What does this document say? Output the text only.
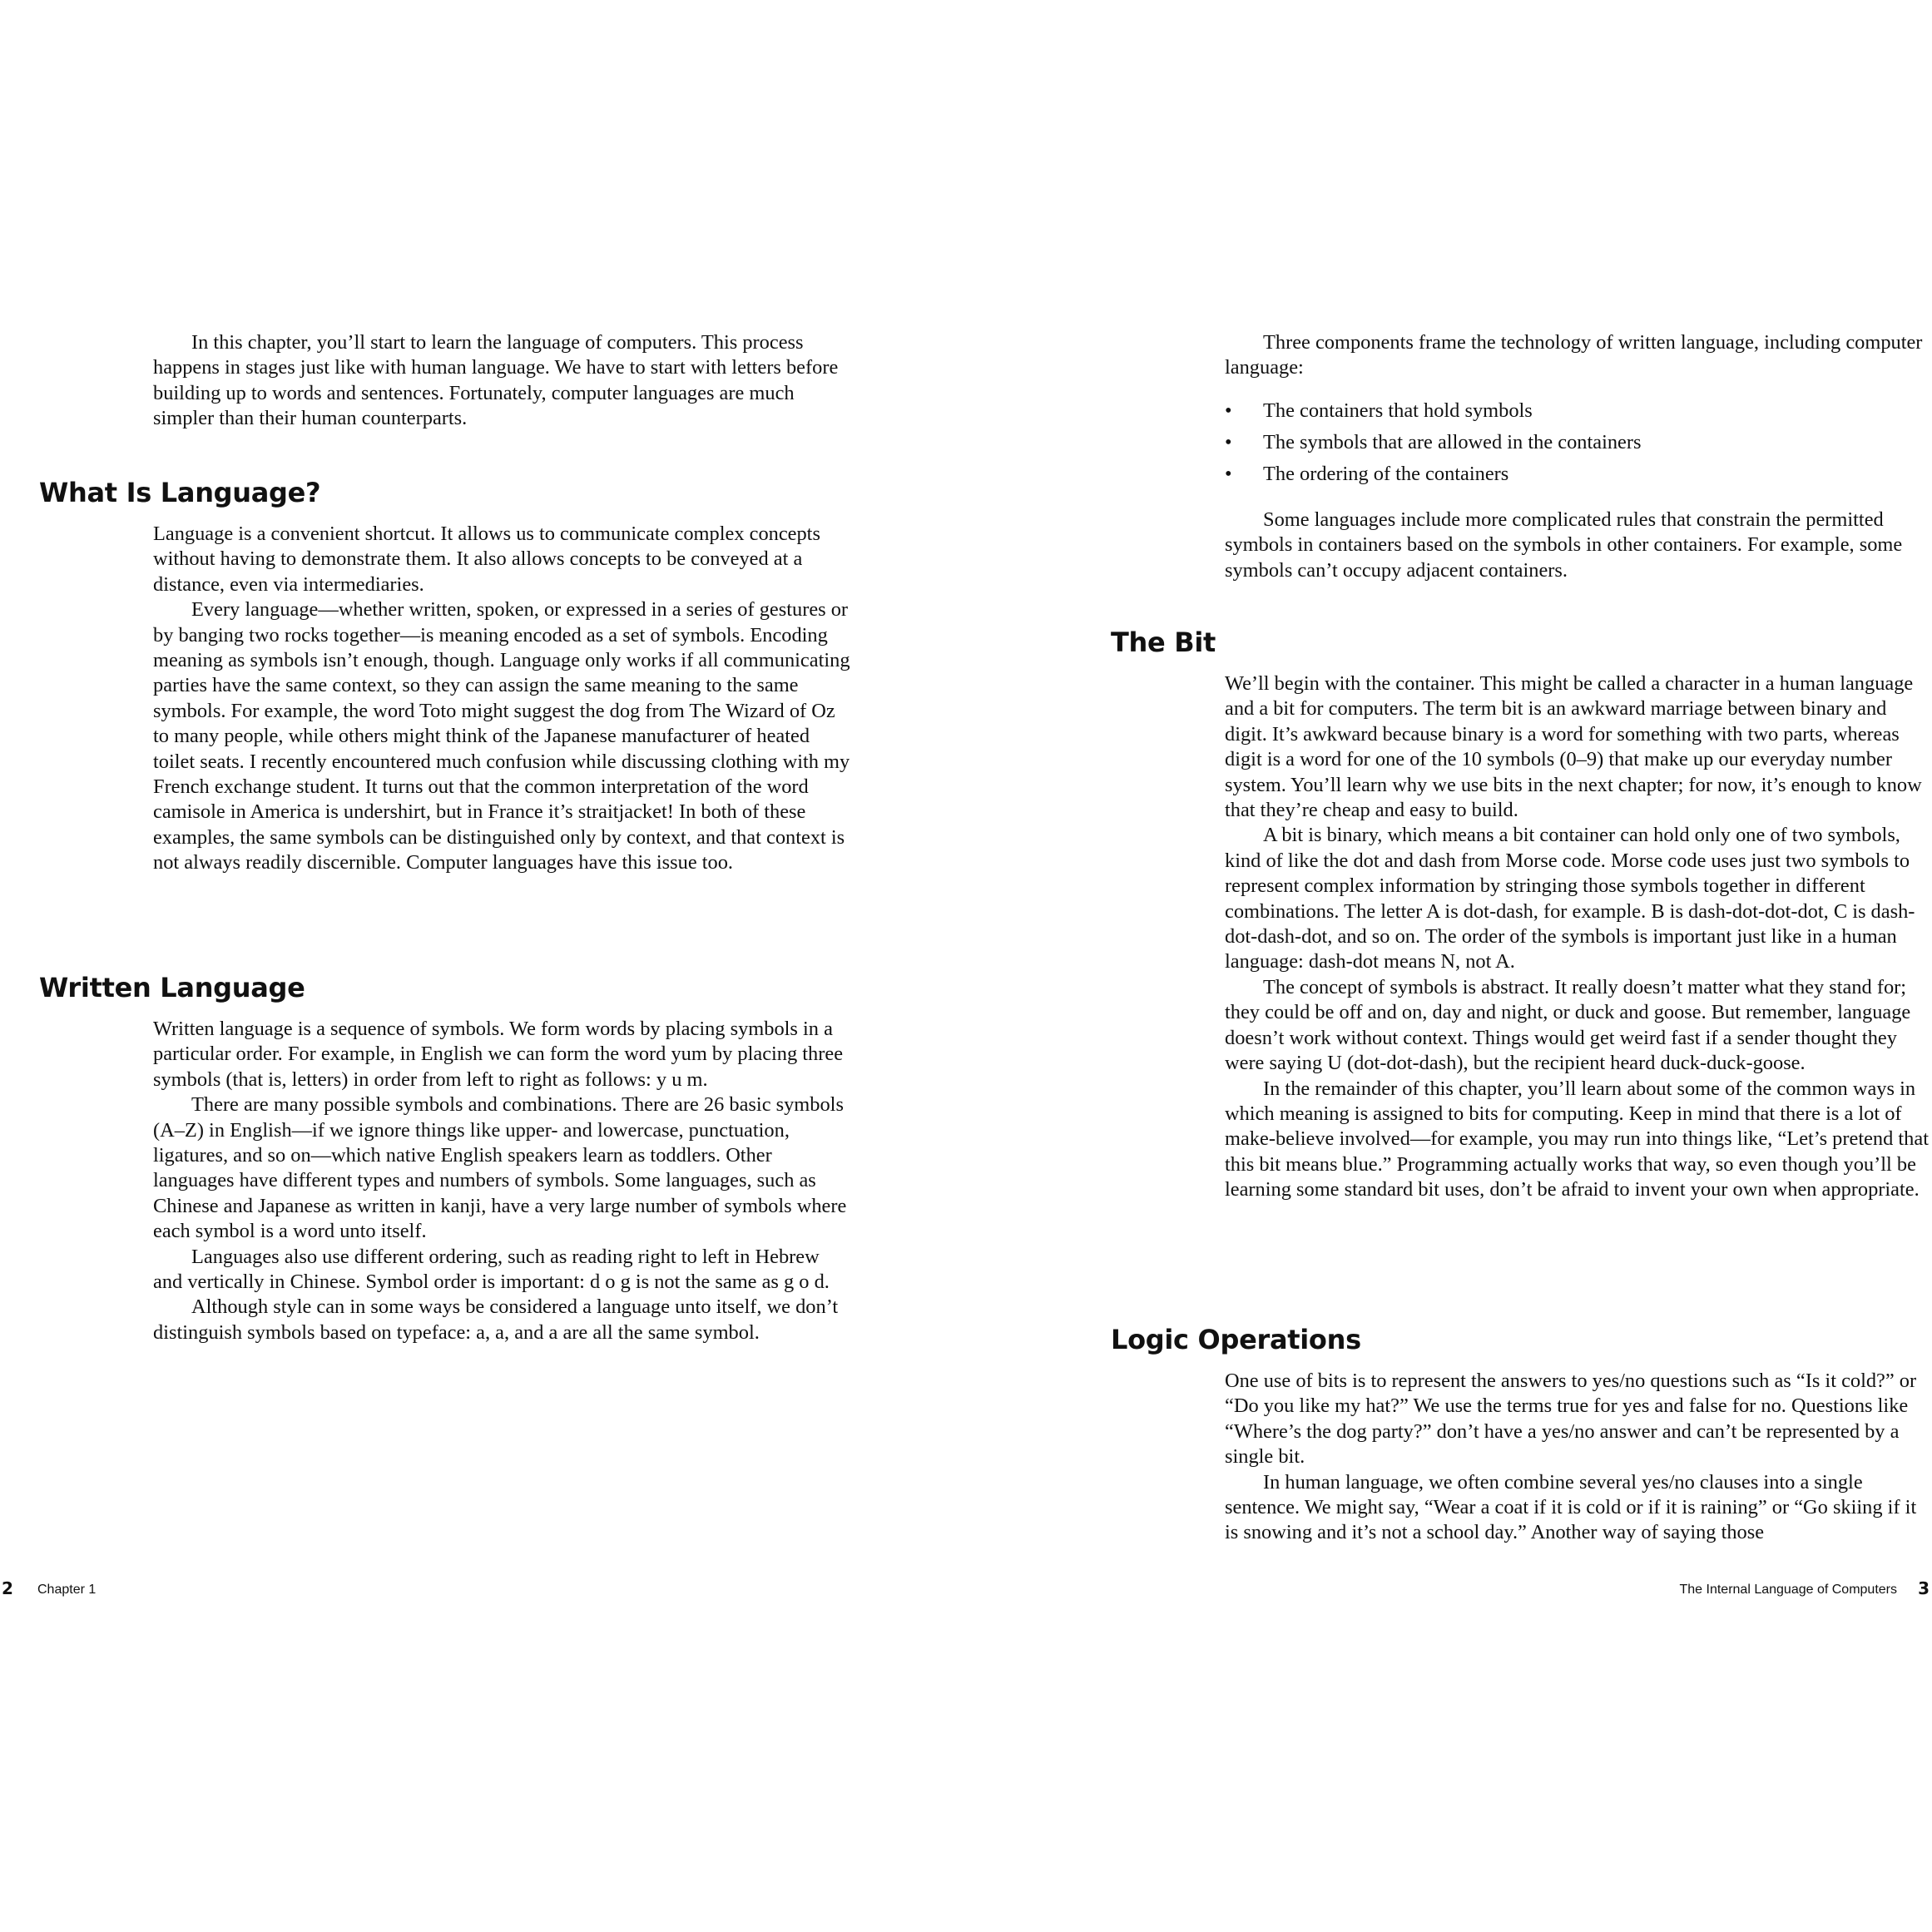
In this chapter, you’ll start to learn the language of computers. This process happens in stages just like with human language. We have to start with letters before building up to words and sentences. Fortunately, computer languages are much simpler than their human counterparts.

What Is Language?

Language is a convenient shortcut. It allows us to communicate complex concepts without having to demonstrate them. It also allows concepts to be conveyed at a distance, even via intermediaries.

Every language—whether written, spoken, or expressed in a series of gestures or by banging two rocks together—is meaning encoded as a set of symbols. Encoding meaning as symbols isn’t enough, though. Language only works if all communicating parties have the same context, so they can assign the same meaning to the same symbols. For example, the word Toto might suggest the dog from The Wizard of Oz to many people, while others might think of the Japanese manufacturer of heated toilet seats. I recently encountered much confusion while discussing clothing with my French exchange student. It turns out that the common interpretation of the word camisole in America is undershirt, but in France it’s straitjacket! In both of these examples, the same symbols can be distinguished only by context, and that context is not always readily discernible. Computer languages have this issue too.

Written Language

Written language is a sequence of symbols. We form words by placing symbols in a particular order. For example, in English we can form the word yum by placing three symbols (that is, letters) in order from left to right as follows: y u m.

There are many possible symbols and combinations. There are 26 basic symbols (A–Z) in English—if we ignore things like upper- and lowercase, punctuation, ligatures, and so on—which native English speakers learn as toddlers. Other languages have different types and numbers of symbols. Some languages, such as Chinese and Japanese as written in kanji, have a very large number of symbols where each symbol is a word unto itself.

Languages also use different ordering, such as reading right to left in Hebrew and vertically in Chinese. Symbol order is important: d o g is not the same as g o d.

Although style can in some ways be considered a language unto itself, we don’t distinguish symbols based on typeface: a, a, and a are all the same symbol.

2 Chapter 1

Three components frame the technology of written language, including computer language:

• The containers that hold symbols
• The symbols that are allowed in the containers
• The ordering of the containers

Some languages include more complicated rules that constrain the permitted symbols in containers based on the symbols in other containers. For example, some symbols can’t occupy adjacent containers.

The Bit

We’ll begin with the container. This might be called a character in a human language and a bit for computers. The term bit is an awkward marriage between binary and digit. It’s awkward because binary is a word for something with two parts, whereas digit is a word for one of the 10 symbols (0–9) that make up our everyday number system. You’ll learn why we use bits in the next chapter; for now, it’s enough to know that they’re cheap and easy to build.

A bit is binary, which means a bit container can hold only one of two symbols, kind of like the dot and dash from Morse code. Morse code uses just two symbols to represent complex information by stringing those symbols together in different combinations. The letter A is dot-dash, for example. B is dash-dot-dot-dot, C is dash-dot-dash-dot, and so on. The order of the symbols is important just like in a human language: dash-dot means N, not A.

The concept of symbols is abstract. It really doesn’t matter what they stand for; they could be off and on, day and night, or duck and goose. But remember, language doesn’t work without context. Things would get weird fast if a sender thought they were saying U (dot-dot-dash), but the recipient heard duck-duck-goose.

In the remainder of this chapter, you’ll learn about some of the common ways in which meaning is assigned to bits for computing. Keep in mind that there is a lot of make-believe involved—for example, you may run into things like, “Let’s pretend that this bit means blue.” Programming actually works that way, so even though you’ll be learning some standard bit uses, don’t be afraid to invent your own when appropriate.

Logic Operations

One use of bits is to represent the answers to yes/no questions such as “Is it cold?” or “Do you like my hat?” We use the terms true for yes and false for no. Questions like “Where’s the dog party?” don’t have a yes/no answer and can’t be represented by a single bit.

In human language, we often combine several yes/no clauses into a single sentence. We might say, “Wear a coat if it is cold or if it is raining” or “Go skiing if it is snowing and it’s not a school day.” Another way of saying those

The Internal Language of Computers 3
